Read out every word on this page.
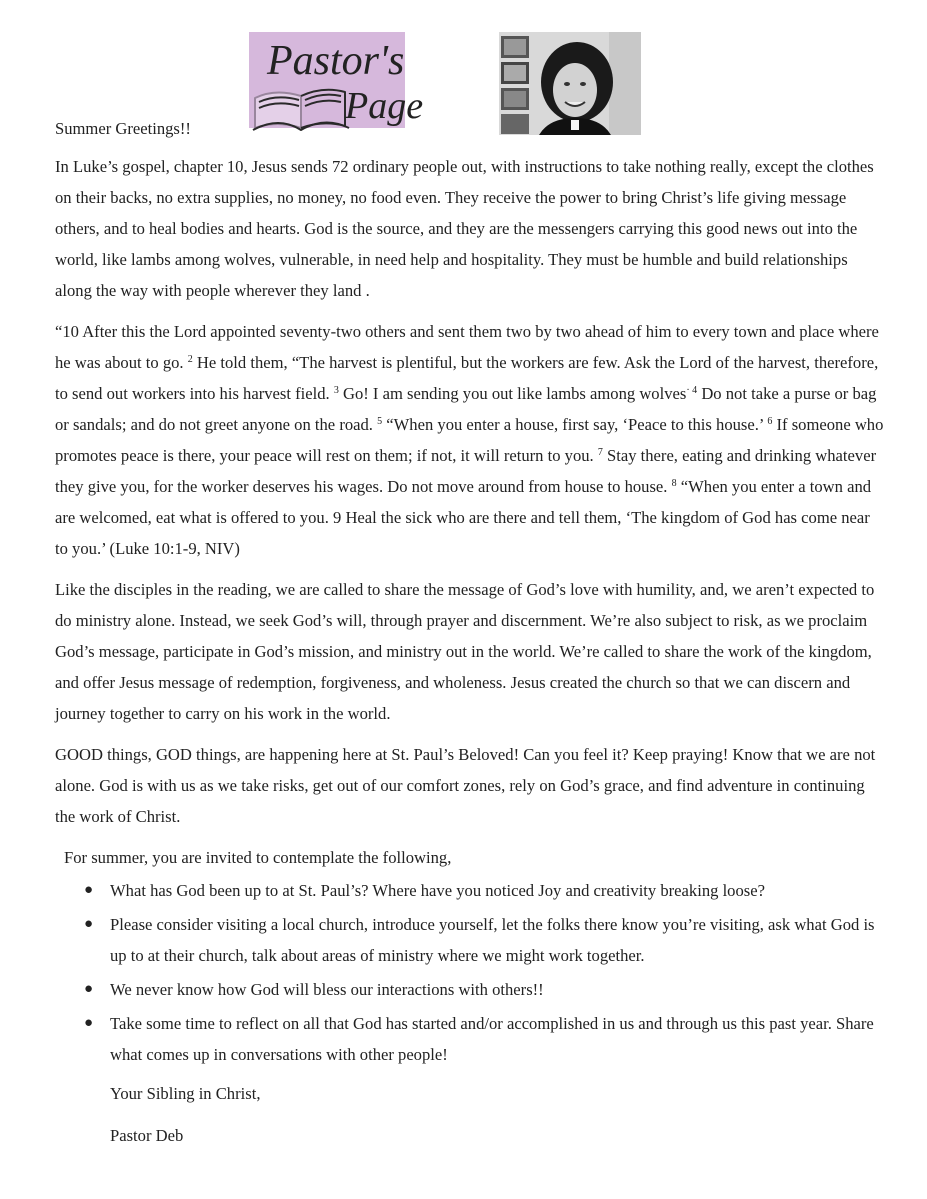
Pastor's
Page
Summer Greetings!!
In Luke’s gospel, chapter 10, Jesus sends 72 ordinary people out, with instructions to take nothing really, except the clothes on their backs, no extra supplies, no money, no food even. They receive the power to bring Christ’s life giving message others, and to heal bodies and hearts. God is the source, and they are the messengers carrying this good news out into the world, like lambs among wolves, vulnerable, in need help and hospitality. They must be humble and build relationships along the way with people wherever they land .
“10 After this the Lord appointed seventy-two others and sent them two by two ahead of him to every town and place where he was about to go. $^2$ He told them, “The harvest is plentiful, but the workers are few. Ask the Lord of the harvest, therefore, to send out workers into his harvest field. $^3$ Go! I am sending you out like lambs among wolves$^{\cdot 4}$ Do not take a purse or bag or sandals; and do not greet anyone on the road. $^5$ “When you enter a house, first say, ‘Peace to this house.’ $^6$ If someone who promotes peace is there, your peace will rest on them; if not, it will return to you. $^7$ Stay there, eating and drinking whatever they give you, for the worker deserves his wages. Do not move around from house to house. $^8$ “When you enter a town and are welcomed, eat what is offered to you. 9 Heal the sick who are there and tell them, ‘The kingdom of God has come near to you.’ (Luke 10:1-9, NIV)
Like the disciples in the reading, we are called to share the message of God’s love with humility, and, we aren’t expected to do ministry alone. Instead, we seek God’s will, through prayer and discernment. We’re also subject to risk, as we proclaim God’s message, participate in God’s mission, and ministry out in the world. We’re called to share the work of the kingdom, and offer Jesus message of redemption, forgiveness, and wholeness. Jesus created the church so that we can discern and journey together to carry on his work in the world.
GOOD things, GOD things, are happening here at St. Paul’s Beloved! Can you feel it? Keep praying! Know that we are not alone. God is with us as we take risks, get out of our comfort zones, rely on God’s grace, and find adventure in continuing the work of Christ.
For summer, you are invited to contemplate the following,
● What has God been up to at St. Paul’s? Where have you noticed Joy and creativity breaking loose?
● Please consider visiting a local church, introduce yourself, let the folks there know you’re visiting, ask what God is up to at their church, talk about areas of ministry where we might work together.
● We never know how God will bless our interactions with others!!
● Take some time to reflect on all that God has started and/or accomplished in us and through us this past year. Share what comes up in conversations with other people!
Your Sibling in Christ,
Pastor Deb
